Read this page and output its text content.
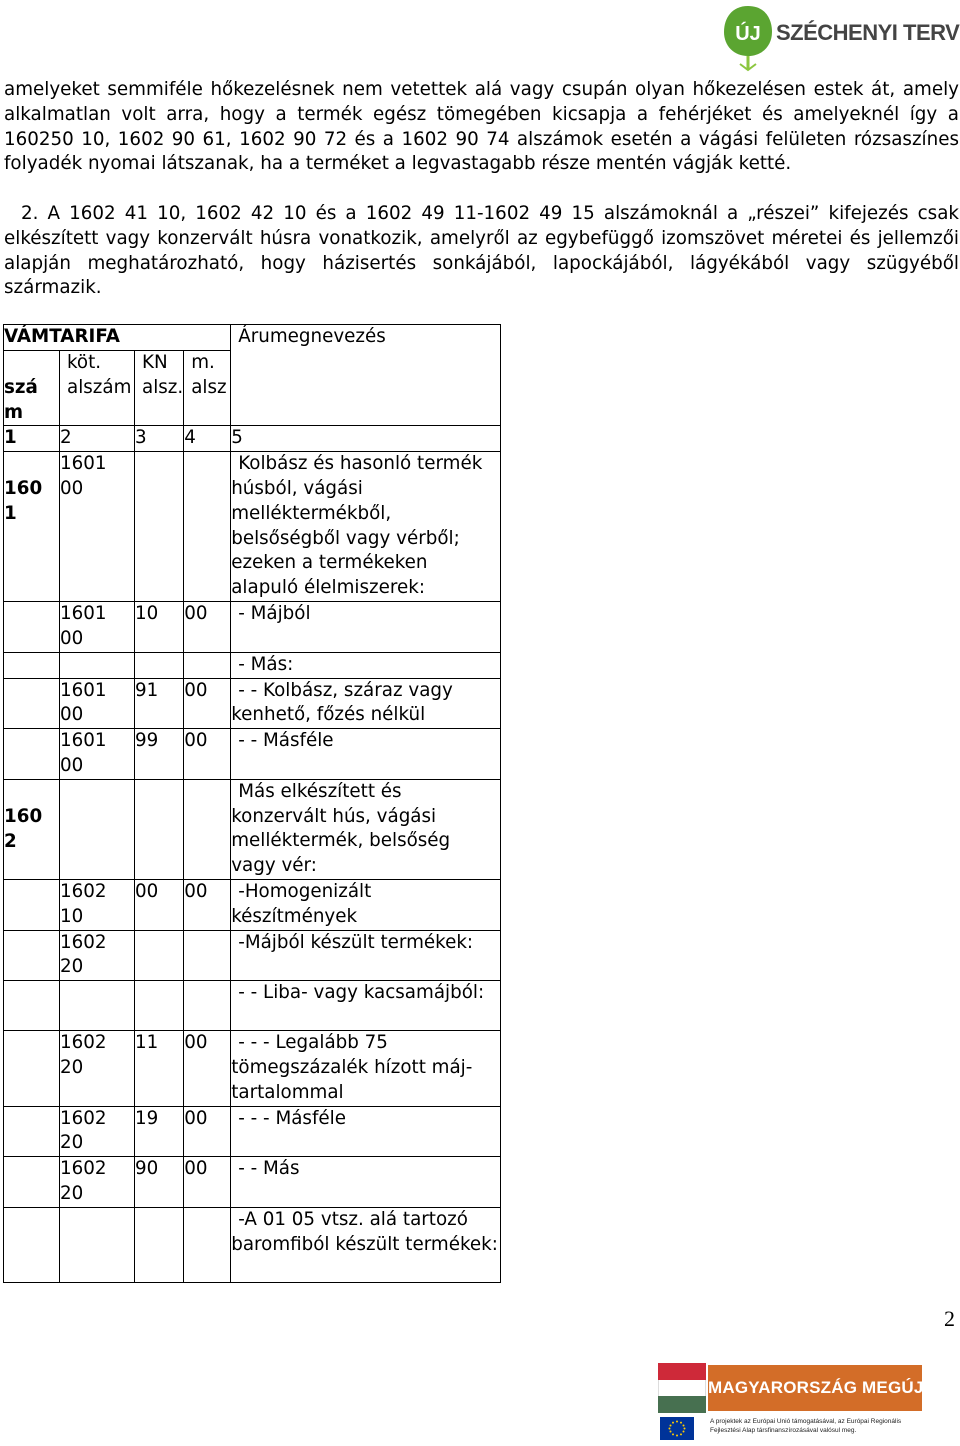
ÚJ SZÉCHENYI TERV

amelyeket semmiféle hőkezelésnek nem vetettek alá vagy csupán olyan hőkezelésen estek át, amely alkalmatlan volt arra, hogy a termék egész tömegében kicsapja a fehérjéket és amelyeknél így a 160250 10, 1602 90 61, 1602 90 72 és a 1602 90 74 alszámok esetén a vágási felületen rózsaszínes folyadék nyomai látszanak, ha a terméket a legvastagabb része mentén vágják ketté.

2. A 1602 41 10, 1602 42 10 és a 1602 49 11-1602 49 15 alszámoknál a „részei” kifejezés csak elkészített vagy konzervált húsra vonatkozik, amelyről az egybefüggő izomszövet méretei és jellemzői alapján meghatározható, hogy házisertés sonkájából, lapockájából, lágyékából vagy szügyéből származik.

VÁMTARIFA				Árumegnevezés

szá m	köt. alszám	KN alsz.	m. alsz	

1	2	3	4	5

160 1	1601 00			Kolbász és hasonló termék húsból, vágási melléktermékből, belsőségből vagy vérből; ezeken a termékeken alapuló élelmiszerek:

	1601 00	10	00	- Májból

				- Más:

	1601 00	91	00	- - Kolbász, száraz vagy kenhető, főzés nélkül

	1601 00	99	00	- - Másféle

160 2				Más elkészített és konzervált hús, vágási melléktermék, belsőség vagy vér:

	1602 10	00	00	-Homogenizált készítmények

	1602 20			-Májból készült termékek:

				- - Liba- vagy kacsamájból:

	1602 20	11	00	- - - Legalább 75 tömegszázalék hízott máj-tartalommal

	1602 20	19	00	- - - Másféle

	1602 20	90	00	- - Más

				-A 01 05 vtsz. alá tartozó baromfiból készült termékek:
2
MAGYARORSZÁG MEGÚJUL
A projektek az Európai Unió támogatásával, az Európai Regionális Fejlesztési Alap társfinanszírozásával valósul meg.
